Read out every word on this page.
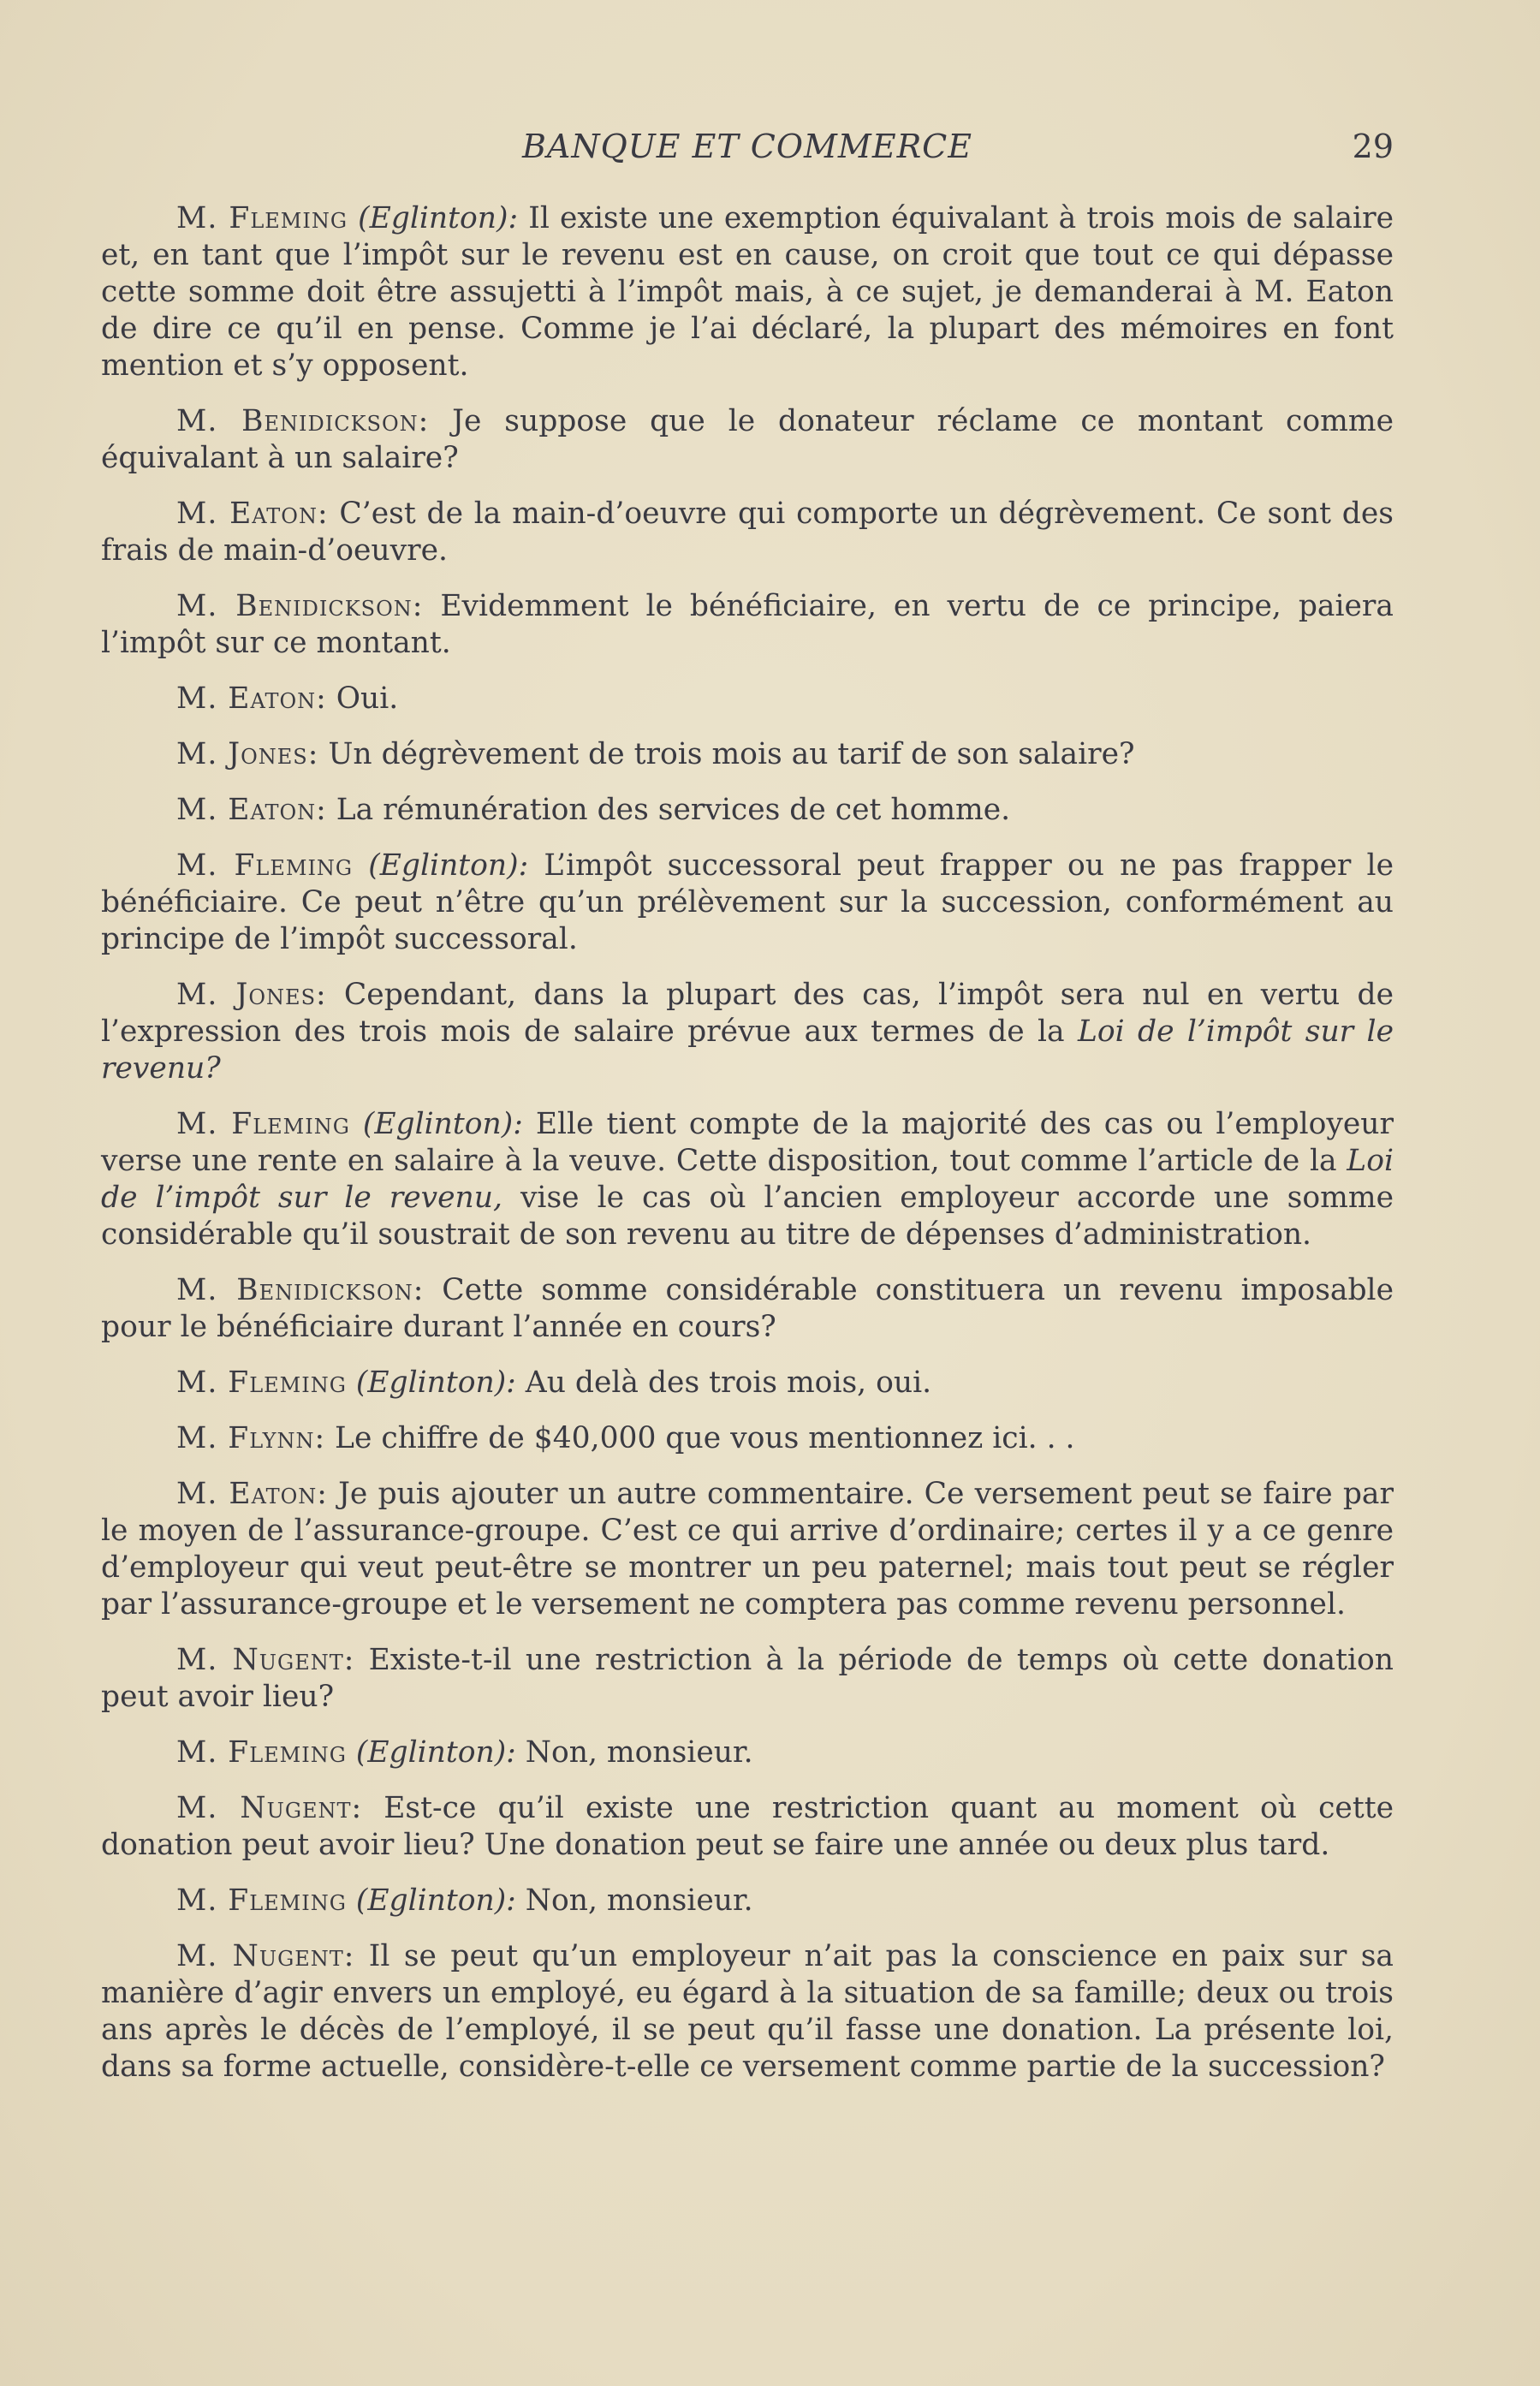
BANQUE ET COMMERCE	29

M. Fleming (Eglinton): Il existe une exemption équivalant à trois mois de salaire et, en tant que l’impôt sur le revenu est en cause, on croit que tout ce qui dépasse cette somme doit être assujetti à l’impôt mais, à ce sujet, je demanderai à M. Eaton de dire ce qu’il en pense. Comme je l’ai déclaré, la plupart des mémoires en font mention et s’y opposent.

M. Benidickson: Je suppose que le donateur réclame ce montant comme équivalant à un salaire?

M. Eaton: C’est de la main-d’oeuvre qui comporte un dégrèvement. Ce sont des frais de main-d’oeuvre.

M. Benidickson: Evidemment le bénéficiaire, en vertu de ce principe, paiera l’impôt sur ce montant.

M. Eaton: Oui.

M. Jones: Un dégrèvement de trois mois au tarif de son salaire?

M. Eaton: La rémunération des services de cet homme.

M. Fleming (Eglinton): L’impôt successoral peut frapper ou ne pas frapper le bénéficiaire. Ce peut n’être qu’un prélèvement sur la succession, conformément au principe de l’impôt successoral.

M. Jones: Cependant, dans la plupart des cas, l’impôt sera nul en vertu de l’expression des trois mois de salaire prévue aux termes de la Loi de l’impôt sur le revenu?

M. Fleming (Eglinton): Elle tient compte de la majorité des cas ou l’employeur verse une rente en salaire à la veuve. Cette disposition, tout comme l’article de la Loi de l’impôt sur le revenu, vise le cas où l’ancien employeur accorde une somme considérable qu’il soustrait de son revenu au titre de dépenses d’administration.

M. Benidickson: Cette somme considérable constituera un revenu imposable pour le bénéficiaire durant l’année en cours?

M. Fleming (Eglinton): Au delà des trois mois, oui.

M. Flynn: Le chiffre de $40,000 que vous mentionnez ici. . .

M. Eaton: Je puis ajouter un autre commentaire. Ce versement peut se faire par le moyen de l’assurance-groupe. C’est ce qui arrive d’ordinaire; certes il y a ce genre d’employeur qui veut peut-être se montrer un peu paternel; mais tout peut se régler par l’assurance-groupe et le versement ne comptera pas comme revenu personnel.

M. Nugent: Existe-t-il une restriction à la période de temps où cette donation peut avoir lieu?

M. Fleming (Eglinton): Non, monsieur.

M. Nugent: Est-ce qu’il existe une restriction quant au moment où cette donation peut avoir lieu? Une donation peut se faire une année ou deux plus tard.

M. Fleming (Eglinton): Non, monsieur.

M. Nugent: Il se peut qu’un employeur n’ait pas la conscience en paix sur sa manière d’agir envers un employé, eu égard à la situation de sa famille; deux ou trois ans après le décès de l’employé, il se peut qu’il fasse une donation. La présente loi, dans sa forme actuelle, considère-t-elle ce versement comme partie de la succession?
